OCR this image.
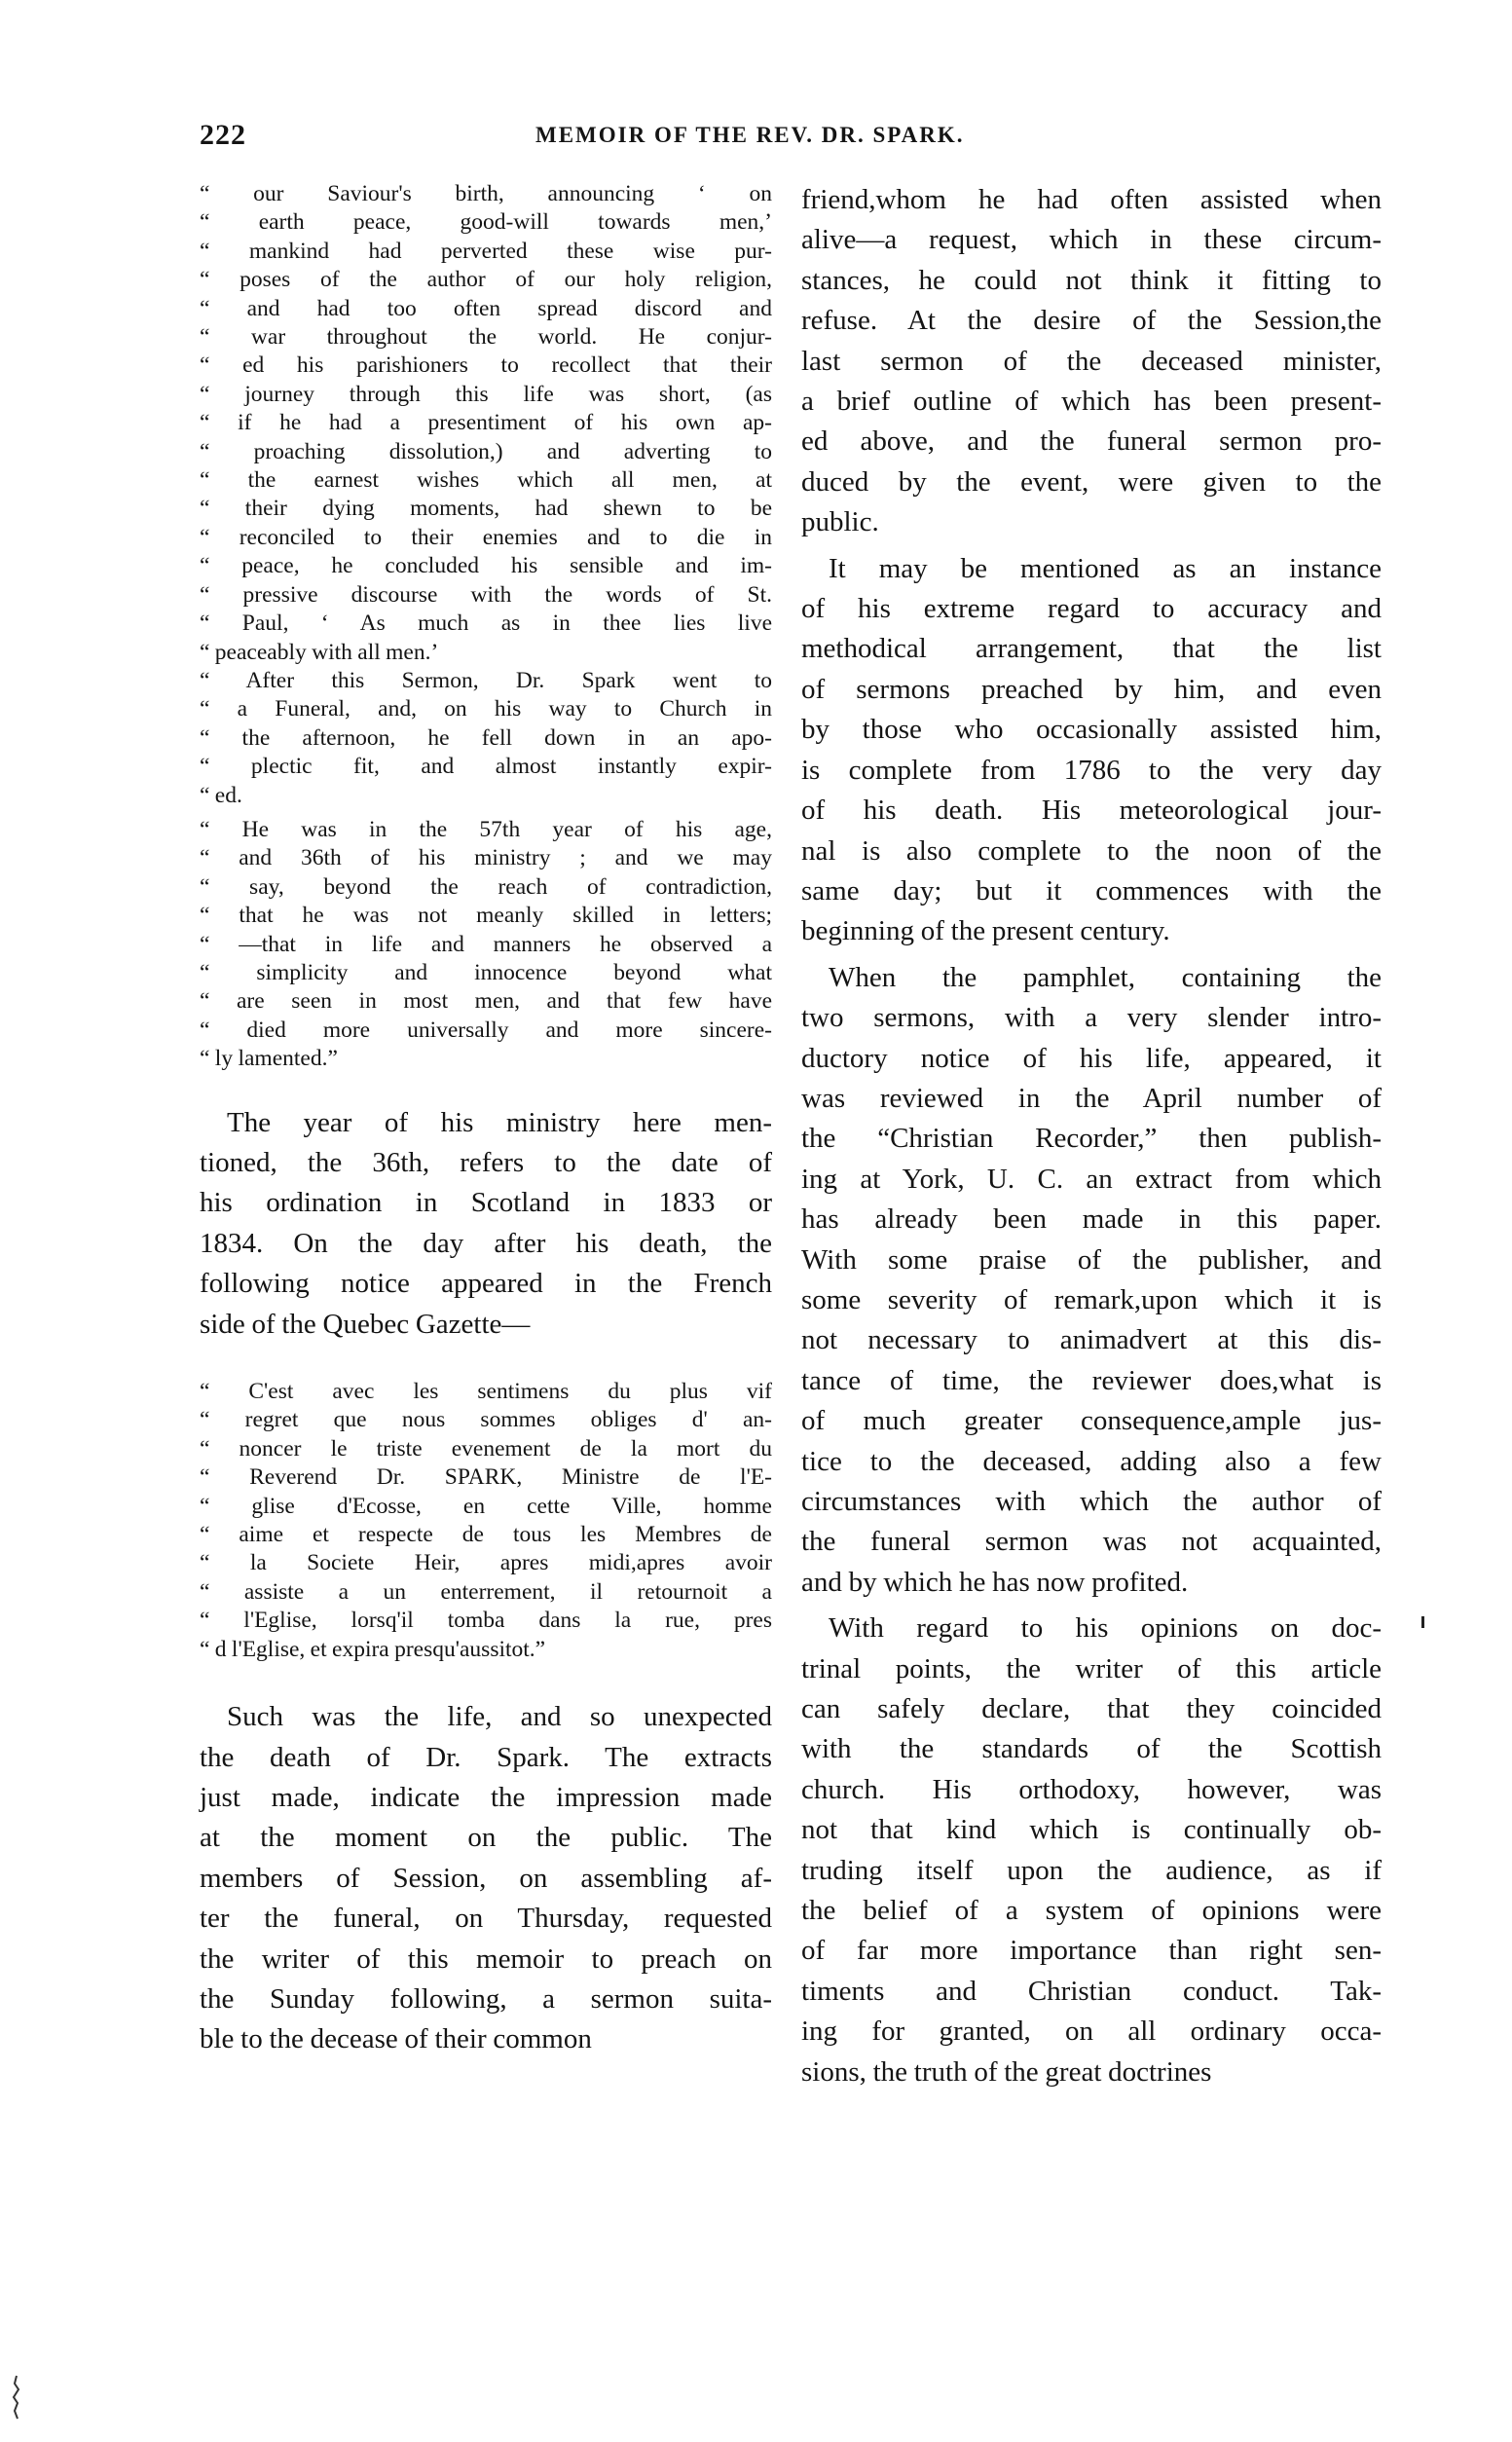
222	MEMOIR OF THE REV. DR. SPARK.
“ our Saviour's birth, announcing ‘ on
“ earth peace, good-will towards men,’
“ mankind had perverted these wise pur-
“ poses of the author of our holy religion,
“ and had too often spread discord and
“ war throughout the world. He conjur-
“ ed his parishioners to recollect that their
“ journey through this life was short, (as
“ if he had a presentiment of his own ap-
“ proaching dissolution,) and adverting to
“ the earnest wishes which all men, at
“ their dying moments, had shewn to be
“ reconciled to their enemies and to die in
“ peace, he concluded his sensible and im-
“ pressive discourse with the words of St.
“ Paul, ‘ As much as in thee lies live
“ peaceably with all men.’
“ After this Sermon, Dr. Spark went to
“ a Funeral, and, on his way to Church in
“ the afternoon, he fell down in an apo-
“ plectic fit, and almost instantly expir-
“ ed.
“ He was in the 57th year of his age,
“ and 36th of his ministry ; and we may
“ say, beyond the reach of contradiction,
“ that he was not meanly skilled in letters;
“ —that in life and manners he observed a
“ simplicity and innocence beyond what
“ are seen in most men, and that few have
“ died more universally and more sincere-
“ ly lamented.”
The year of his ministry here men-
tioned, the 36th, refers to the date of
his ordination in Scotland in 1833 or
1834. On the day after his death, the
following notice appeared in the French
side of the Quebec Gazette—
“ C'est avec les sentimens du plus vif
“ regret que nous sommes obliges d' an-
“ noncer le triste evenement de la mort du
“ Reverend Dr. SPARK, Ministre de l'E-
“ glise d'Ecosse, en cette Ville, homme
“ aime et respecte de tous les Membres de
“ la Societe Heir, apres midi,apres avoir
“ assiste a un enterrement, il retournoit a
“ l'Eglise, lorsq'il tomba dans la rue, pres
“ d l'Eglise, et expira presqu'aussitot.”
Such was the life, and so unexpected
the death of Dr. Spark. The extracts
just made, indicate the impression made
at the moment on the public. The
members of Session, on assembling af-
ter the funeral, on Thursday, requested
the writer of this memoir to preach on
the Sunday following, a sermon suita-
ble to the decease of their common
friend,whom he had often assisted when
alive—a request, which in these circum-
stances, he could not think it fitting to
refuse. At the desire of the Session,the
last sermon of the deceased minister,
a brief outline of which has been present-
ed above, and the funeral sermon pro-
duced by the event, were given to the
public.
It may be mentioned as an instance
of his extreme regard to accuracy and
methodical arrangement, that the list
of sermons preached by him, and even
by those who occasionally assisted him,
is complete from 1786 to the very day
of his death. His meteorological jour-
nal is also complete to the noon of the
same day; but it commences with the
beginning of the present century.
When the pamphlet, containing the
two sermons, with a very slender intro-
ductory notice of his life, appeared, it
was reviewed in the April number of
the “Christian Recorder,” then publish-
ing at York, U. C. an extract from which
has already been made in this paper.
With some praise of the publisher, and
some severity of remark,upon which it is
not necessary to animadvert at this dis-
tance of time, the reviewer does,what is
of much greater consequence,ample jus-
tice to the deceased, adding also a few
circumstances with which the author of
the funeral sermon was not acquainted,
and by which he has now profited.
With regard to his opinions on doc-
trinal points, the writer of this article
can safely declare, that they coincided
with the standards of the Scottish
church. His orthodoxy, however, was
not that kind which is continually ob-
truding itself upon the audience, as if
the belief of a system of opinions were
of far more importance than right sen-
timents and Christian conduct. Tak-
ing for granted, on all ordinary occa-
sions, the truth of the great doctrines
